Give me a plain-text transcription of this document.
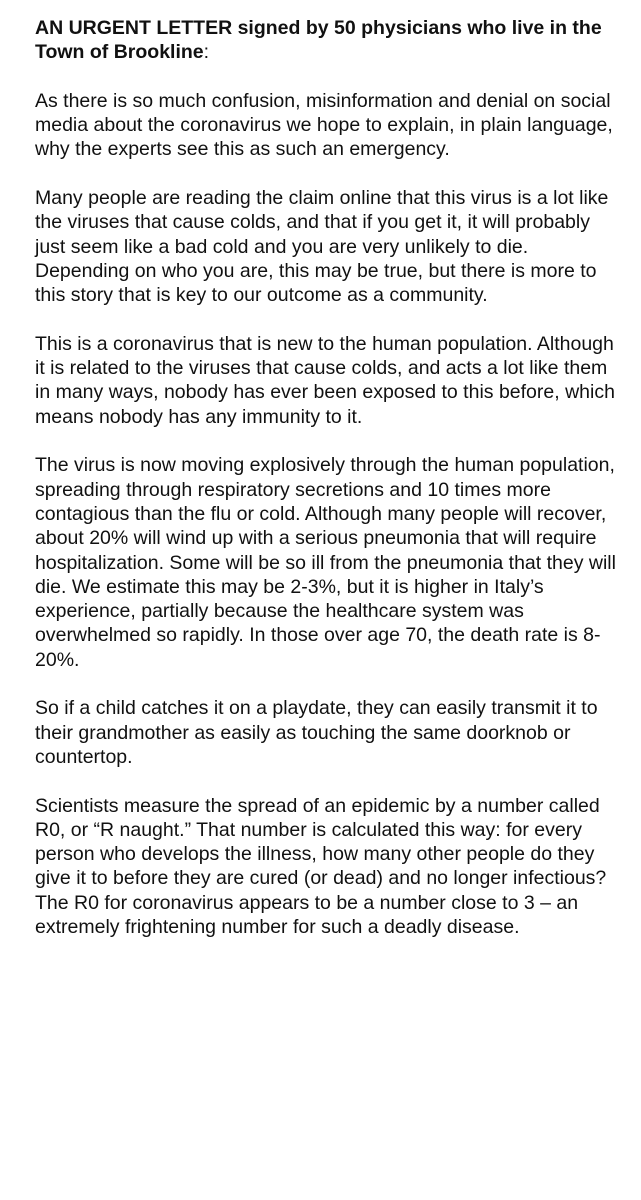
AN URGENT LETTER signed by 50 physicians who live in the Town of Brookline:

As there is so much confusion, misinformation and denial on social media about the coronavirus we hope to explain, in plain language, why the experts see this as such an emergency.

Many people are reading the claim online that this virus is a lot like the viruses that cause colds, and that if you get it, it will probably just seem like a bad cold and you are very unlikely to die. Depending on who you are, this may be true, but there is more to this story that is key to our outcome as a community.

This is a coronavirus that is new to the human population. Although it is related to the viruses that cause colds, and acts a lot like them in many ways, nobody has ever been exposed to this before, which means nobody has any immunity to it.

The virus is now moving explosively through the human population, spreading through respiratory secretions and 10 times more contagious than the flu or cold. Although many people will recover, about 20% will wind up with a serious pneumonia that will require hospitalization. Some will be so ill from the pneumonia that they will die. We estimate this may be 2-3%, but it is higher in Italy’s experience, partially because the healthcare system was overwhelmed so rapidly. In those over age 70, the death rate is 8-20%.

So if a child catches it on a playdate, they can easily transmit it to their grandmother as easily as touching the same doorknob or countertop.

Scientists measure the spread of an epidemic by a number called R0, or “R naught.” That number is calculated this way: for every person who develops the illness, how many other people do they give it to before they are cured (or dead) and no longer infectious? The R0 for coronavirus appears to be a number close to 3 – an extremely frightening number for such a deadly disease.
